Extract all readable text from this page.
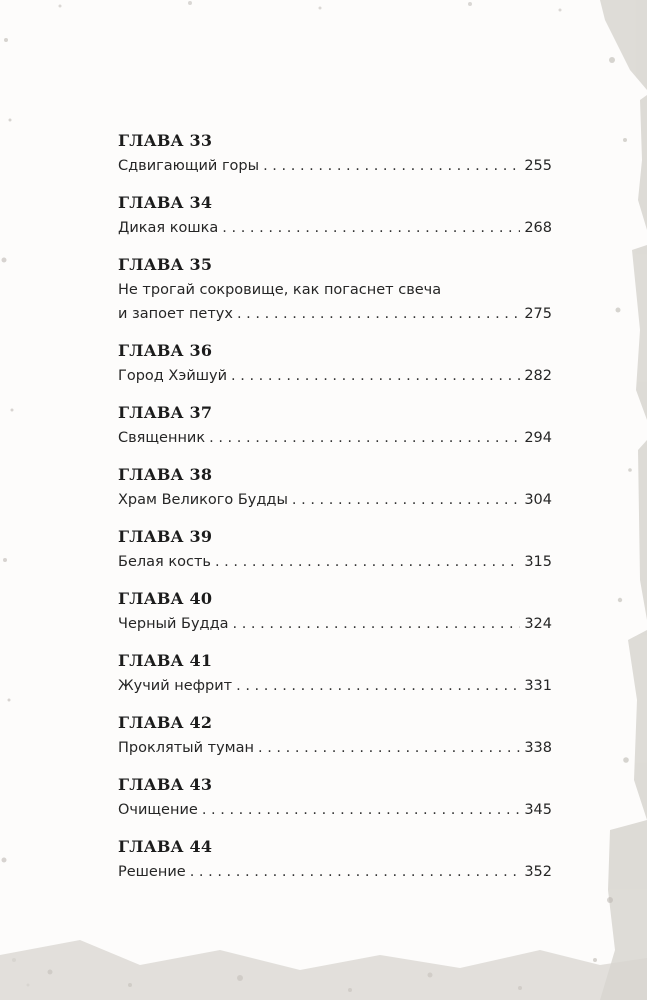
ГЛАВА 33
Сдвигающий горы . . .	255
ГЛАВА 34
Дикая кошка . . .	268
ГЛАВА 35
Не трогай сокровище, как погаснет свеча
и запоет петух . . .	275
ГЛАВА 36
Город Хэйшуй . . .	282
ГЛАВА 37
Священник . . .	294
ГЛАВА 38
Храм Великого Будды . . .	304
ГЛАВА 39
Белая кость . . .	315
ГЛАВА 40
Черный Будда . . .	324
ГЛАВА 41
Жучий нефрит . . .	331
ГЛАВА 42
Проклятый туман . . .	338
ГЛАВА 43
Очищение . . .	345
ГЛАВА 44
Решение . . .	352
